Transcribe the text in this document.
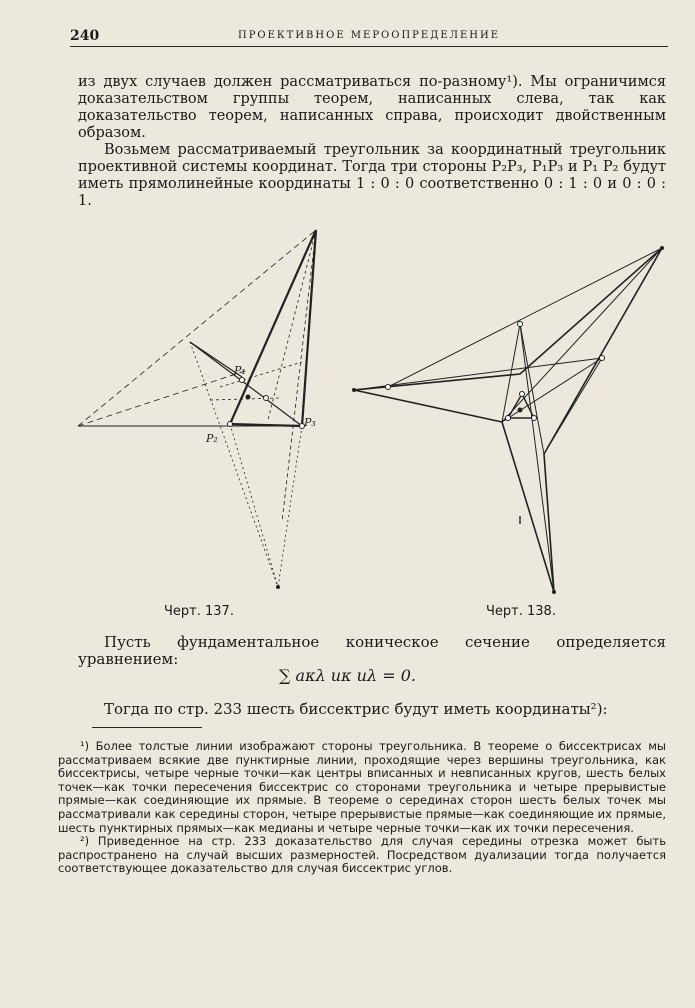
240	ПРОЕКТИВНОЕ МЕРООПРЕДЕЛЕНИЕ

из двух случаев должен рассматриваться по-разному¹). Мы ограничимся доказательством группы теорем, написанных слева, так как доказательство теорем, написанных справа, происходит двойственным образом.

Возьмем рассматриваемый треугольник за координатный треугольник проективной системы координат. Тогда три стороны P₂P₃, P₁P₃ и P₁ P₂ будут иметь прямолинейные координаты 1 : 0 : 0 соответственно 0 : 1 : 0 и 0 : 0 : 1.

P₁
P₂
P₃
Черт. 137.	Черт. 138.

Пусть фундаментальное коническое сечение определяется уравнением:

∑ aκλ uκ uλ = 0.

Тогда по стр. 233 шесть биссектрис будут иметь координаты²):

¹) Более толстые линии изображают стороны треугольника. В теореме о биссектрисах мы рассматриваем всякие две пунктирные линии, проходящие через вершины треугольника, как биссектрисы, четыре черные точки—как центры вписанных и невписанных кругов, шесть белых точек—как точки пересечения биссектрис со сторонами треугольника и четыре прерывистые прямые—как соединяющие их прямые. В теореме о серединах сторон шесть белых точек мы рассматривали как середины сторон, четыре прерывистые прямые—как соединяющие их прямые, шесть пунктирных прямых—как медианы и четыре черные точки—как их точки пересечения.

²) Приведенное на стр. 233 доказательство для случая середины отрезка может быть распространено на случай высших размерностей. Посредством дуализации тогда получается соответствующее доказательство для случая биссектрис углов.
